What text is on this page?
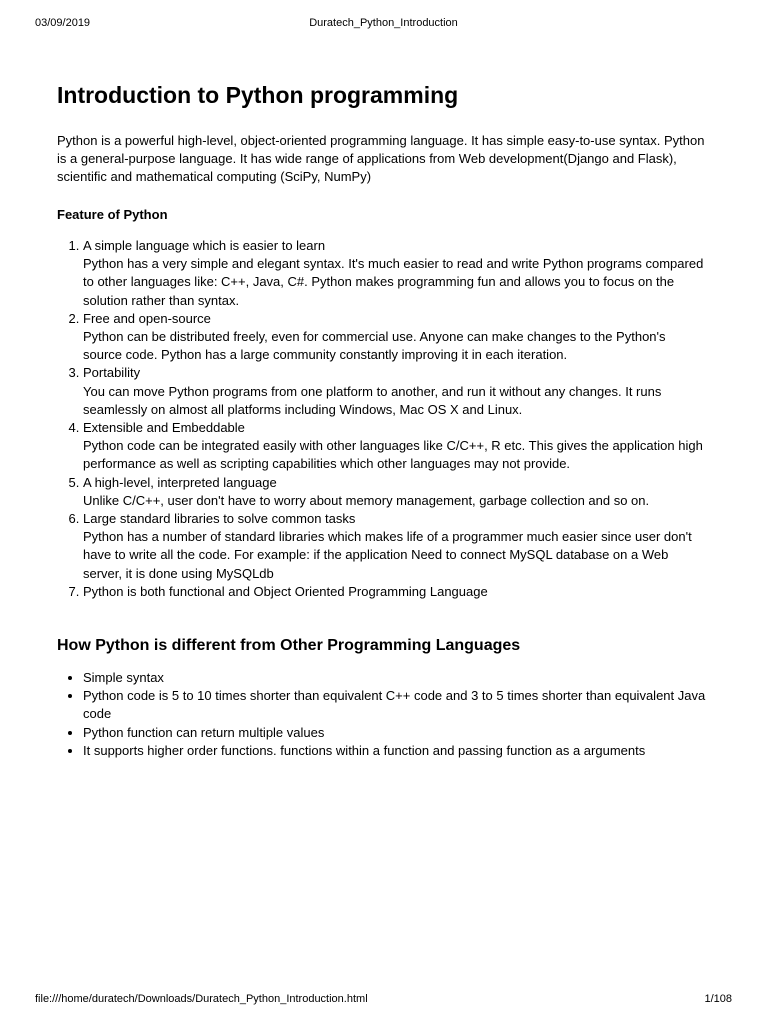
03/09/2019	Duratech_Python_Introduction
Introduction to Python programming

Python is a powerful high-level, object-oriented programming language. It has simple easy-to-use syntax. Python is a general-purpose language. It has wide range of applications from Web development(Django and Flask), scientific and mathematical computing (SciPy, NumPy)

Feature of Python
1. A simple language which is easier to learn
Python has a very simple and elegant syntax. It's much easier to read and write Python programs compared to other languages like: C++, Java, C#. Python makes programming fun and allows you to focus on the solution rather than syntax.
2. Free and open-source
Python can be distributed freely, even for commercial use. Anyone can make changes to the Python's source code. Python has a large community constantly improving it in each iteration.
3. Portability
You can move Python programs from one platform to another, and run it without any changes. It runs seamlessly on almost all platforms including Windows, Mac OS X and Linux.
4. Extensible and Embeddable
Python code can be integrated easily with other languages like C/C++, R etc. This gives the application high performance as well as scripting capabilities which other languages may not provide.
5. A high-level, interpreted language
Unlike C/C++, user don't have to worry about memory management, garbage collection and so on.
6. Large standard libraries to solve common tasks
Python has a number of standard libraries which makes life of a programmer much easier since user don't have to write all the code. For example: if the application Need to connect MySQL database on a Web server, it is done using MySQLdb
7. Python is both functional and Object Oriented Programming Language
How Python is different from Other Programming Languages
• Simple syntax
• Python code is 5 to 10 times shorter than equivalent C++ code and 3 to 5 times shorter than equivalent Java code
• Python function can return multiple values
• It supports higher order functions. functions within a function and passing function as a arguments
file:///home/duratech/Downloads/Duratech_Python_Introduction.html	1/108
